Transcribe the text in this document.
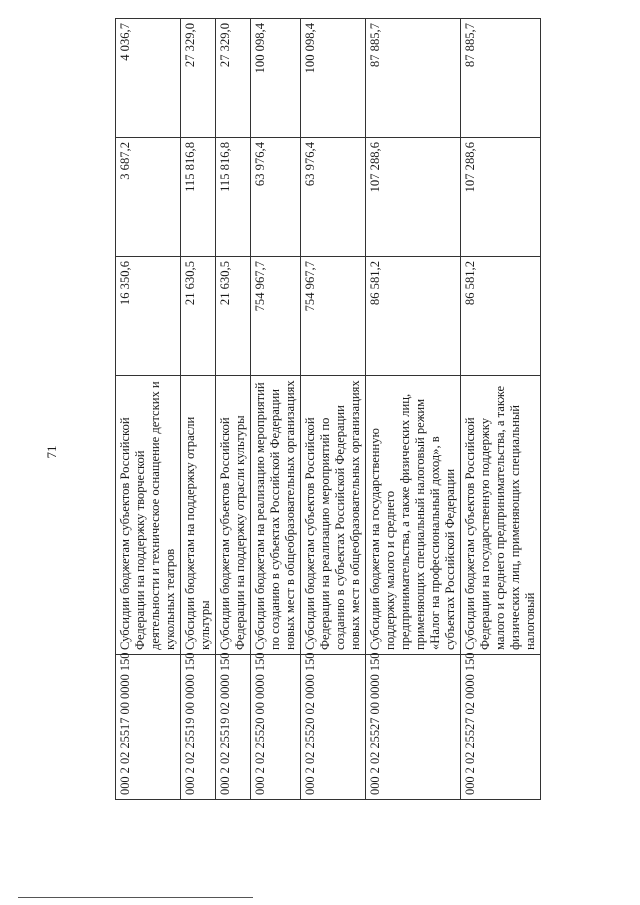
71
000 2 02 25517 00 0000 150	Субсидии бюджетам субъектов Российской Федерации на поддержку творческой деятельности и техническое оснащение детских и кукольных театров	16 350,6	3 687,2	4 036,7
000 2 02 25519 00 0000 150	Субсидии бюджетам на поддержку отрасли культуры	21 630,5	115 816,8	27 329,0
000 2 02 25519 02 0000 150	Субсидии бюджетам субъектов Российской Федерации на поддержку отрасли культуры	21 630,5	115 816,8	27 329,0
000 2 02 25520 00 0000 150	Субсидии бюджетам на реализацию мероприятий по созданию в субъектах Российской Федерации новых мест в общеобразовательных организациях	754 967,7	63 976,4	100 098,4
000 2 02 25520 02 0000 150	Субсидии бюджетам субъектов Российской Федерации на реализацию мероприятий по созданию в субъектах Российской Федерации новых мест в общеобразовательных организациях	754 967,7	63 976,4	100 098,4
000 2 02 25527 00 0000 150	Субсидии бюджетам на государственную поддержку малого и среднего предпринимательства, а также физических лиц, применяющих специальный налоговый режим «Налог на профессиональный доход», в субъектах Российской Федерации	86 581,2	107 288,6	87 885,7
000 2 02 25527 02 0000 150	Субсидии бюджетам субъектов Российской Федерации на государственную поддержку малого и среднего предпринимательства, а также физических лиц, применяющих специальный налоговый	86 581,2	107 288,6	87 885,7
